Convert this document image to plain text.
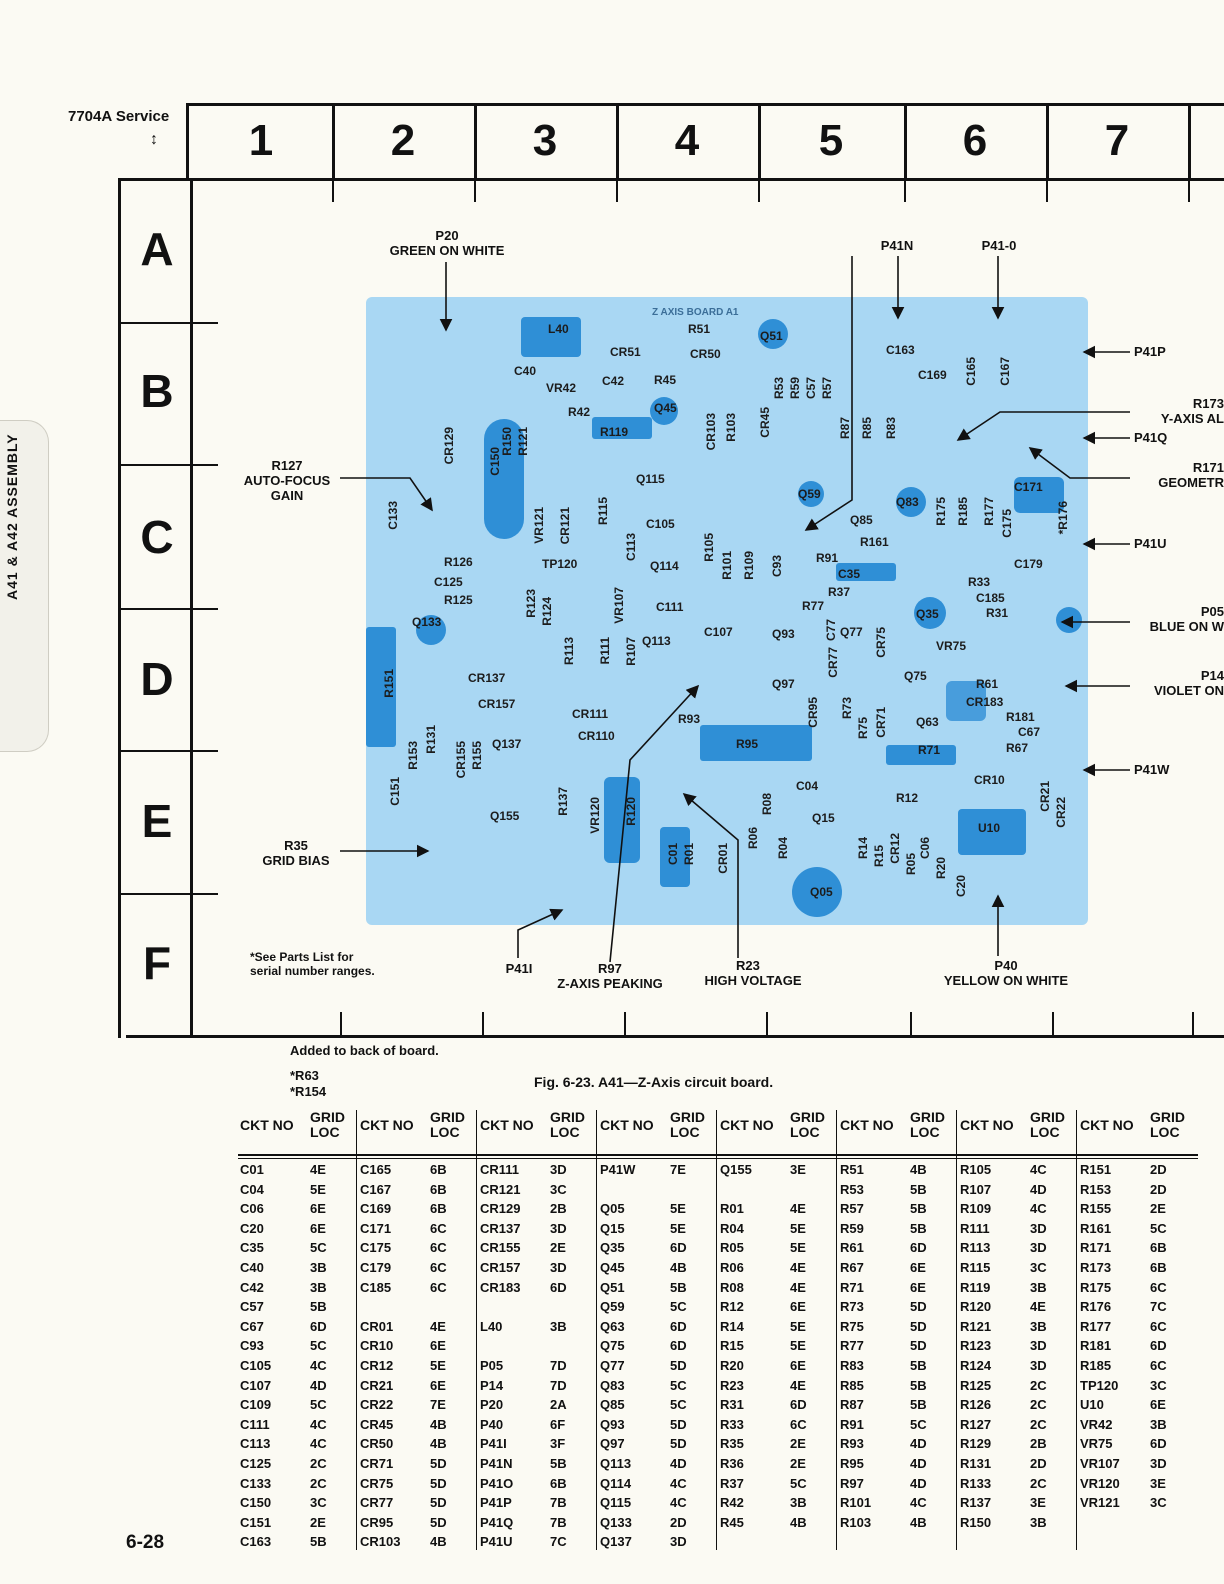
7704A Service
↕	1	2	3	4	5	6	7
A
B
C
D
E
F
Z AXIS BOARD A1
L40	R51	Q51
CR51	CR50
C40
VR42 C42 R45
R42	Q45
R119
C163
C169 C165 C167
CR129	C150
R150 R121	CR103 R103 CR45
R53 R59 C57 R57
R87 R85 R83
Q115
C133	VR121 CR121 R115
C113
C105
Q59
Q85
Q83 R175 R185 R177 C175
C171
*R176
R126
C125
R125
TP120	Q114
R105
R101 R109 C93	R91
C35
R161
C179
R33
C185
R31
R37
R77
Q35
Q133
R123 R124
R113
VR107
R111 R107
C111
Q113
C107	Q93 C77 Q77
CR77
CR75	VR75
R151	CR137
CR157
Q97
CR95 R73
R75 CR71
Q75
R61
CR183
R181
C67
R131
R153	CR155 R155 Q137
CR111
CR110
R93
R95
Q63
R71	R67
C151	R137
Q155	VR120 R120
C04
R08
R06 R04
Q15
R12
CR10
CR21
CR22
U10
C01 R01 CR01	R14 R15 CR12
R05
C06
R20
C20
Q05
P20
GREEN ON WHITE	P41N	P41-0
P41P
R173
Y-AXIS AL
P41Q
R171
GEOMETR
P41U
P05
BLUE ON W
P14
VIOLET ON
P41W
R127
AUTO-FOCUS
GAIN
R35
GRID BIAS
P41I	R97
Z-AXIS PEAKING
R23
HIGH VOLTAGE
P40
YELLOW ON WHITE
*See Parts List for
serial number ranges.
Added to back of board.
*R63
*R154
Fig. 6-23. A41—Z-Axis circuit board.
CKT NO	GRID LOC
C01	4E
C04	5E
C06	6E
C20	6E
C35	5C
C40	3B
C42	3B
C57	5B
C67	6D
C93	5C
C105	4C
C107	4D
C109	5C
C111	4C
C113	4C
C125	2C
C133	2C
C150	3C
C151	2E
C163	5B
CKT NO	GRID LOC
C165	6B
C167	6B
C169	6B
C171	6C
C175	6C
C179	6C
C185	6C
CR01	4E
CR10	6E
CR12	5E
CR21	6E
CR22	7E
CR45	4B
CR50	4B
CR71	5D
CR75	5D
CR77	5D
CR95	5D
CR103 4B
CKT NO	GRID LOC
CR111 3D
CR121 3C
CR129 2B
CR137 3D
CR155 2E
CR157 3D
CR183 6D
L40	3B
P05	7D
P14	7D
P20	2A
P40	6F
P41I	3F
P41N	5B
P41O	6B
P41P	7B
P41Q	7B
P41U	7C
CKT NO	GRID LOC
P41W	7E
Q05	5E
Q15	5E
Q35	6D
Q45	4B
Q51	5B
Q59	5C
Q63	6D
Q75	6D
Q77	5D
Q83	5C
Q85	5C
Q93	5D
Q97	5D
Q113	4D
Q114	4C
Q115	4C
Q133	2D
Q137	3D
CKT NO	GRID LOC
Q155	3E
R01	4E
R04	5E
R05	5E
R06	4E
R08	4E
R12	6E
R14	5E
R15	5E
R20	6E
R23	4E
R31	6D
R33	6C
R35	2E
R36	2E
R37	5C
R42	3B
R45	4B
CKT NO	GRID LOC
R51	4B
R53	5B
R57	5B
R59	5B
R61	6D
R67	6E
R71	6E
R73	5D
R75	5D
R77	5D
R83	5B
R85	5B
R87	5B
R91	5C
R93	4D
R95	4D
R97	4D
R101	4C
R103	4B
CKT NO	GRID LOC
R105	4C
R107	4D
R109	4C
R111	3D
R113	3D
R115	3C
R119	3B
R120	4E
R121	3B
R123	3D
R124	3D
R125	2C
R126	2C
R127	2C
R129	2B
R131	2D
R133	2C
R137	3E
R150	3B
CKT NO	GRID LOC
R151	2D
R153	2D
R155	2E
R161	5C
R171	6B
R173	6B
R175	6C
R176	7C
R177	6C
R181	6D
R185	6C
TP120 3C
U10	6E
VR42	3B
VR75	6D
VR107 3D
VR120 3E
VR121 3C
6-28
